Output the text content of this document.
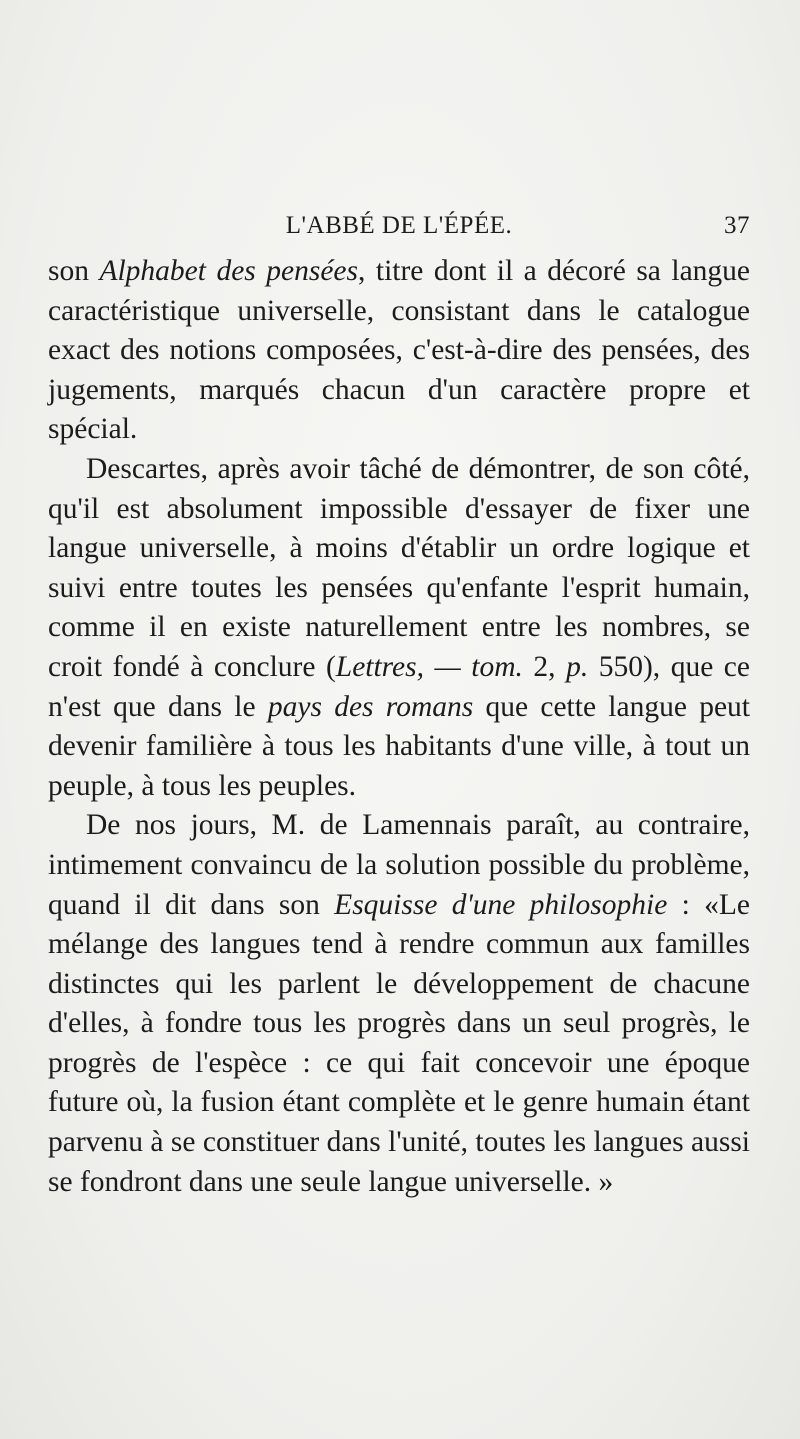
L'ABBÉ DE L'ÉPÉE.	37

son Alphabet des pensées, titre dont il a décoré sa langue caractéristique universelle, consistant dans le catalogue exact des notions composées, c'est-à-dire des pensées, des jugements, marqués chacun d'un caractère propre et spécial.

Descartes, après avoir tâché de démontrer, de son côté, qu'il est absolument impossible d'essayer de fixer une langue universelle, à moins d'établir un ordre logique et suivi entre toutes les pensées qu'enfante l'esprit humain, comme il en existe naturellement entre les nombres, se croit fondé à conclure (Lettres, — tom. 2, p. 550), que ce n'est que dans le pays des romans que cette langue peut devenir familière à tous les habitants d'une ville, à tout un peuple, à tous les peuples.

De nos jours, M. de Lamennais paraît, au contraire, intimement convaincu de la solution possible du problème, quand il dit dans son Esquisse d'une philosophie : «Le mélange des langues tend à rendre commun aux familles distinctes qui les parlent le développement de chacune d'elles, à fondre tous les progrès dans un seul progrès, le progrès de l'espèce : ce qui fait concevoir une époque future où, la fusion étant complète et le genre humain étant parvenu à se constituer dans l'unité, toutes les langues aussi se fondront dans une seule langue universelle. »
